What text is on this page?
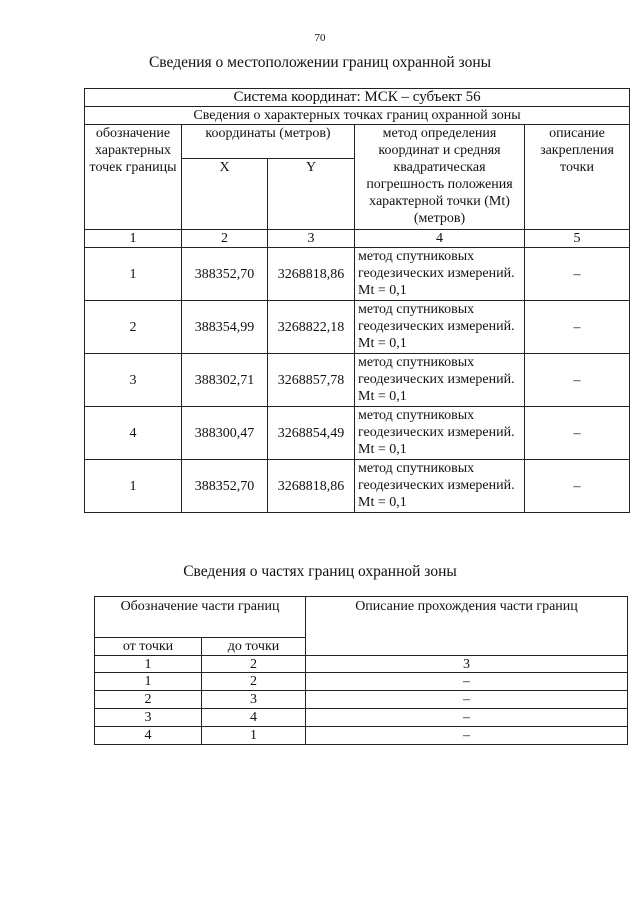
70
Сведения о местоположении границ охранной зоны
Система координат: МСК – субъект 56				
Сведения о характерных точках границ охранной зоны				
обозначение характерных точек границы	координаты (метров)		метод определения координат и средняя квадратическая погрешность положения характерной точки (Mt) (метров)	описание закрепления точки
	X	Y		
1	2	3	4	5
1	388352,70	3268818,86	метод спутниковых геодезических измерений. Mt = 0,1	–
2	388354,99	3268822,18	метод спутниковых геодезических измерений. Mt = 0,1	–
3	388302,71	3268857,78	метод спутниковых геодезических измерений. Mt = 0,1	–
4	388300,47	3268854,49	метод спутниковых геодезических измерений. Mt = 0,1	–
1	388352,70	3268818,86	метод спутниковых геодезических измерений. Mt = 0,1	–
Сведения о частях границ охранной зоны
Обозначение части границ		Описание прохождения части границ
от точки	до точки	
1	2	3
1	2	–
2	3	–
3	4	–
4	1	–
